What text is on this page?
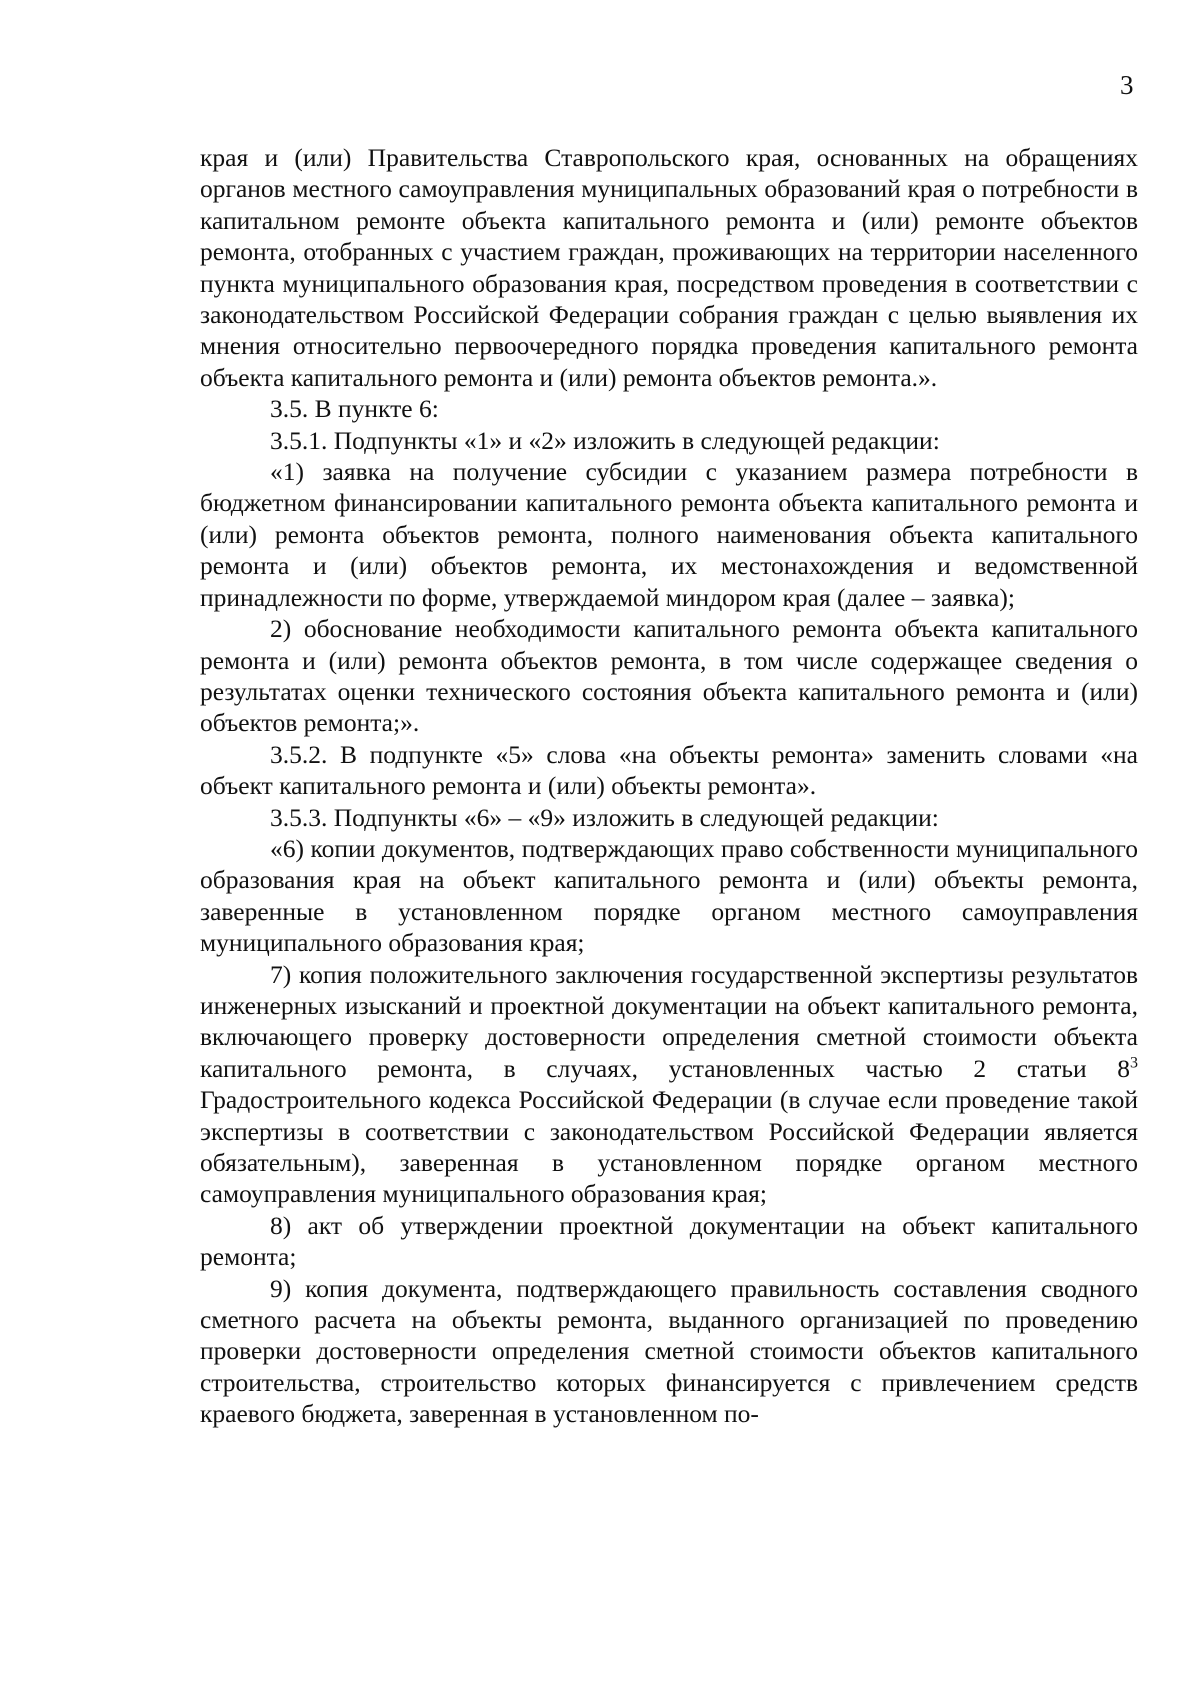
3

края и (или) Правительства Ставропольского края, основанных на обращениях органов местного самоуправления муниципальных образований края о потребности в капитальном ремонте объекта капитального ремонта и (или) ремонте объектов ремонта, отобранных с участием граждан, проживающих на территории населенного пункта муниципального образования края, посредством проведения в соответствии с законодательством Российской Федерации собрания граждан с целью выявления их мнения относительно первоочередного порядка проведения капитального ремонта объекта капитального ремонта и (или) ремонта объектов ремонта.».

3.5. В пункте 6:

3.5.1. Подпункты «1» и «2» изложить в следующей редакции:

«1) заявка на получение субсидии с указанием размера потребности в бюджетном финансировании капитального ремонта объекта капитального ремонта и (или) ремонта объектов ремонта, полного наименования объекта капитального ремонта и (или) объектов ремонта, их местонахождения и ведомственной принадлежности по форме, утверждаемой миндором края (далее – заявка);

2) обоснование необходимости капитального ремонта объекта капитального ремонта и (или) ремонта объектов ремонта, в том числе содержащее сведения о результатах оценки технического состояния объекта капитального ремонта и (или) объектов ремонта;».

3.5.2. В подпункте «5» слова «на объекты ремонта» заменить словами «на объект капитального ремонта и (или) объекты ремонта».

3.5.3. Подпункты «6» – «9» изложить в следующей редакции:

«6) копии документов, подтверждающих право собственности муниципального образования края на объект капитального ремонта и (или) объекты ремонта, заверенные в установленном порядке органом местного самоуправления муниципального образования края;

7) копия положительного заключения государственной экспертизы результатов инженерных изысканий и проектной документации на объект капитального ремонта, включающего проверку достоверности определения сметной стоимости объекта капитального ремонта, в случаях, установленных частью 2 статьи $8^3$ Градостроительного кодекса Российской Федерации (в случае если проведение такой экспертизы в соответствии с законодательством Российской Федерации является обязательным), заверенная в установленном порядке органом местного самоуправления муниципального образования края;

8) акт об утверждении проектной документации на объект капитального ремонта;

9) копия документа, подтверждающего правильность составления сводного сметного расчета на объекты ремонта, выданного организацией по проведению проверки достоверности определения сметной стоимости объектов капитального строительства, строительство которых финансируется с привлечением средств краевого бюджета, заверенная в установленном по-
